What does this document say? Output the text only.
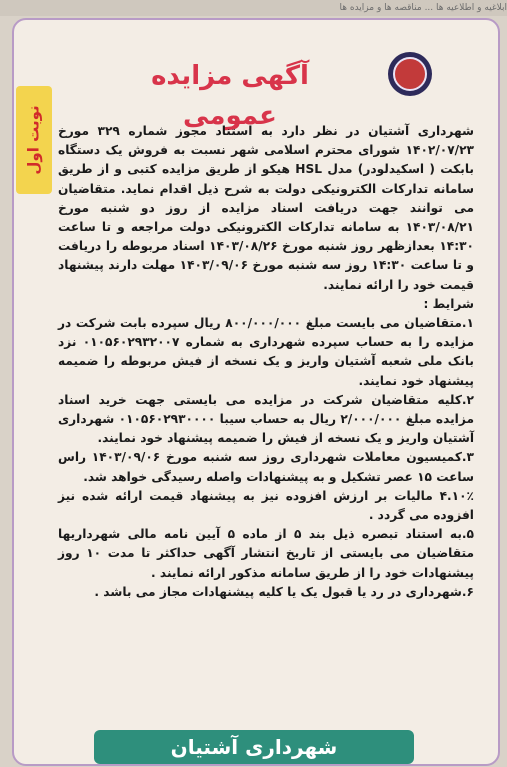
ابلاغیه و اطلاعیه ها ... مناقصه ها و مزایده ها
نوبت اول
آگهی مزایده عمومی

شهرداری آشتیان در نظر دارد به استناد مجوز شماره ۳۲۹ مورخ ۱۴۰۲/۰۷/۲۳ شورای محترم اسلامی شهر نسبت به فروش یک دستگاه بابکت ( اسکیدلودر) مدل HSL هیکو از طریق مزایده کتبی و از طریق سامانه تدارکات الکترونیکی دولت به شرح ذیل اقدام نماید. متقاضیان می توانند جهت دریافت اسناد مزایده از روز دو شنبه مورخ ۱۴۰۳/۰۸/۲۱ به سامانه تدارکات الکترونیکی دولت مراجعه و تا ساعت ۱۴:۳۰ بعدازظهر روز شنبه مورخ ۱۴۰۳/۰۸/۲۶ اسناد مربوطه را دریافت و تا ساعت ۱۴:۳۰ روز سه شنبه مورخ ۱۴۰۳/۰۹/۰۶ مهلت دارند پیشنهاد قیمت خود را ارائه نمایند.

شرایط :

۱.متقاضیان می بایست مبلغ ۸۰۰/۰۰۰/۰۰۰ ریال سپرده بابت شرکت در مزایده را به حساب سپرده شهرداری به شماره ۰۱۰۵۶۰۲۹۳۲۰۰۷ نزد بانک ملی شعبه آشتیان واریز و یک نسخه از فیش مربوطه را ضمیمه پیشنهاد خود نمایند.

۲.کلیه متقاضیان شرکت در مزایده می بایستی جهت خرید اسناد مزایده مبلغ ۲/۰۰۰/۰۰۰ ریال به حساب سیبا ۰۱۰۵۶۰۲۹۳۰۰۰۰ شهرداری آشتیان واریز و یک نسخه از فیش را ضمیمه پیشنهاد خود نمایند.

۳.کمیسیون معاملات شهرداری روز سه شنبه مورخ ۱۴۰۳/۰۹/۰۶ راس ساعت ۱۵ عصر تشکیل و به پیشنهادات واصله رسیدگی خواهد شد.

۴.۱۰٪ مالیات بر ارزش افزوده نیز به پیشنهاد قیمت ارائه شده نیز افزوده می گردد .

۵.به استناد تبصره ذیل بند ۵ از ماده ۵ آیین نامه مالی شهرداریها متقاضیان می بایستی از تاریخ انتشار آگهی حداکثر تا مدت ۱۰ روز پیشنهادات خود را از طریق سامانه مذکور ارائه نمایند .

۶.شهرداری در رد یا قبول یک یا کلیه پیشنهادات مجاز می باشد .

شهرداری آشتیان
